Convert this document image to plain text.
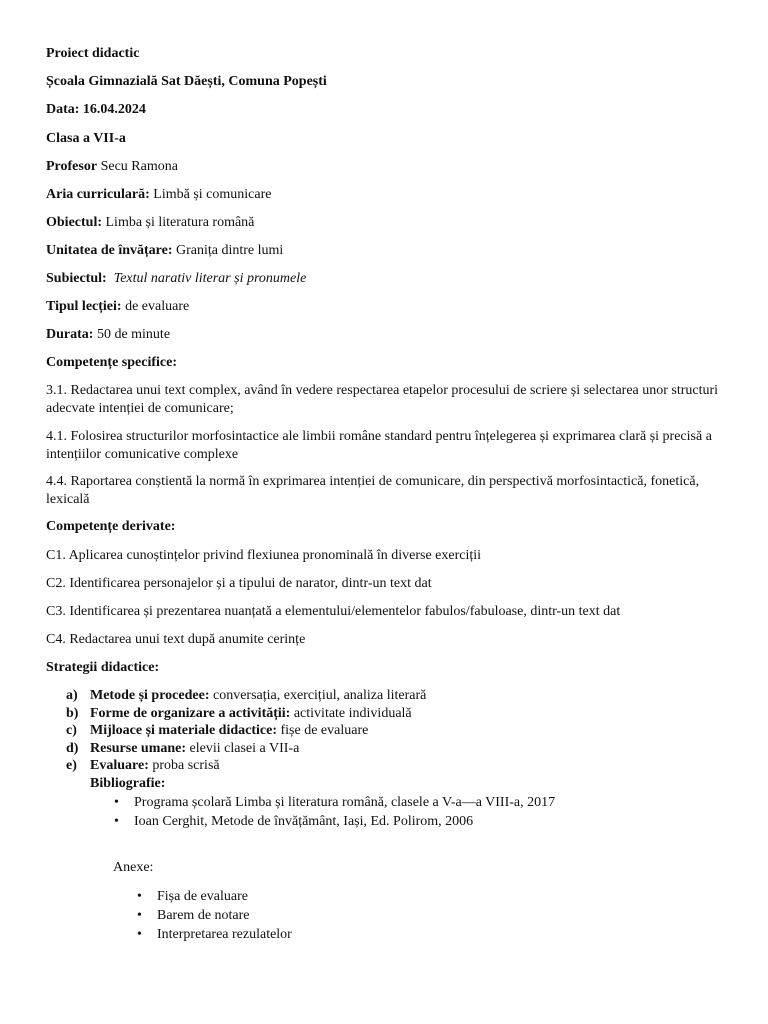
Proiect didactic
Școala Gimnazială Sat Dăești, Comuna Popești
Data: 16.04.2024
Clasa a VII-a
Profesor Secu Ramona
Aria curriculară: Limbă și comunicare
Obiectul: Limba și literatura română
Unitatea de învățare: Granița dintre lumi
Subiectul: Textul narativ literar și pronumele
Tipul lecției: de evaluare
Durata: 50 de minute
Competențe specifice:
3.1. Redactarea unui text complex, având în vedere respectarea etapelor procesului de scriere și selectarea unor structuri adecvate intenției de comunicare;
4.1. Folosirea structurilor morfosintactice ale limbii române standard pentru înțelegerea și exprimarea clară și precisă a intențiilor comunicative complexe
4.4. Raportarea conștientă la normă în exprimarea intenției de comunicare, din perspectivă morfosintactică, fonetică, lexicală
Competențe derivate:
C1. Aplicarea cunoștințelor privind flexiunea pronominală în diverse exerciții
C2. Identificarea personajelor și a tipului de narator, dintr-un text dat
C3. Identificarea și prezentarea nuanțată a elementului/elementelor fabulos/fabuloase, dintr-un text dat
C4. Redactarea unui text după anumite cerințe
Strategii didactice:
a) Metode și procedee: conversația, exercițiul, analiza literară
b) Forme de organizare a activității: activitate individuală
c) Mijloace și materiale didactice: fișe de evaluare
d) Resurse umane: elevii clasei a VII-a
e) Evaluare: proba scrisă
Bibliografie:
• Programa școlară Limba și literatura română, clasele a V-a—a VIII-a, 2017
• Ioan Cerghit, Metode de învățământ, Iași, Ed. Polirom, 2006
Anexe:
• Fișa de evaluare
• Barem de notare
• Interpretarea rezulatelor
